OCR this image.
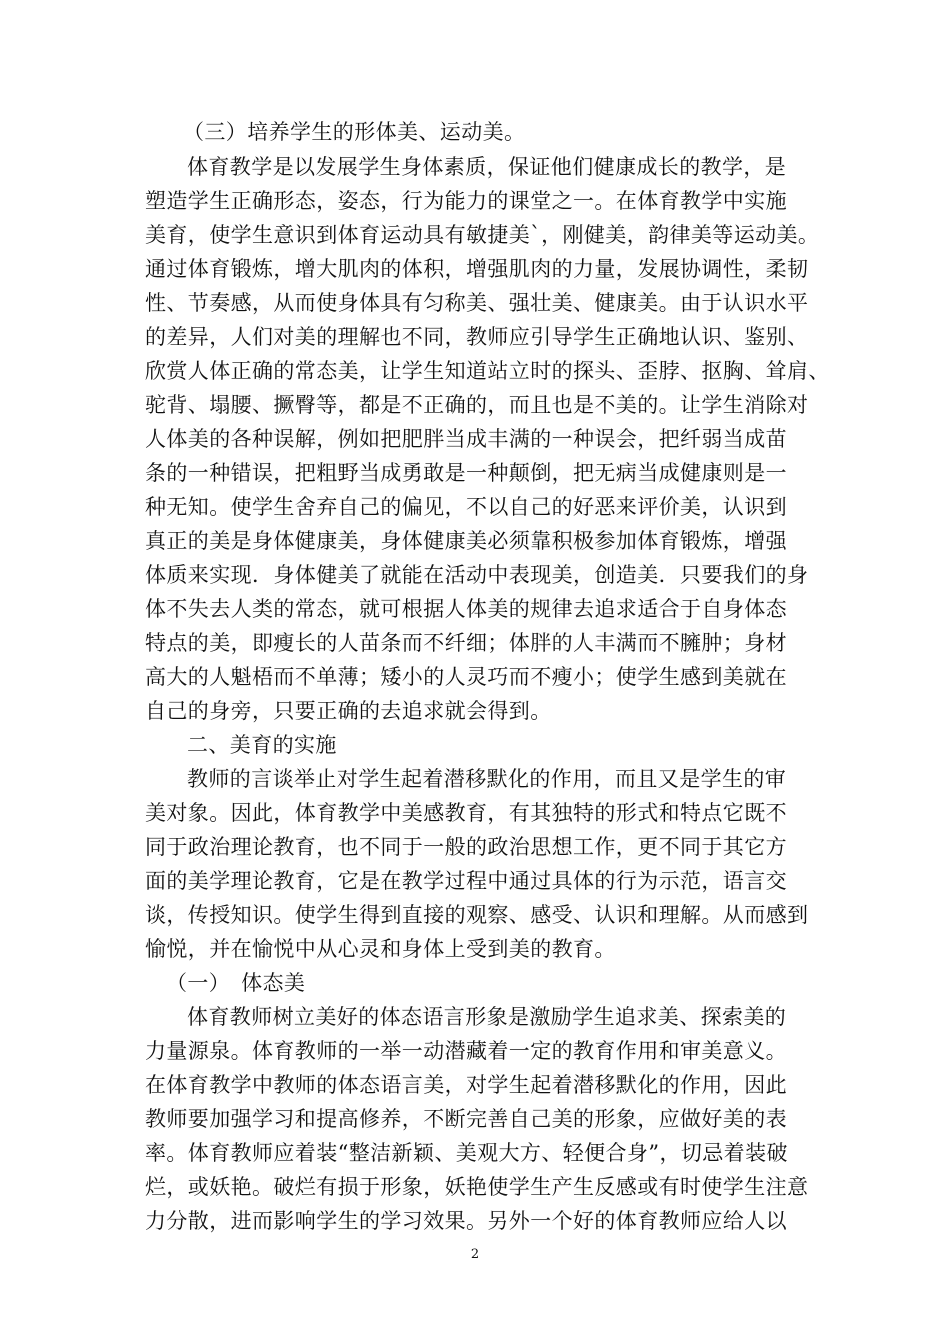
（三）培养学生的形体美、运动美。
体育教学是以发展学生身体素质，保证他们健康成长的教学，是
塑造学生正确形态，姿态，行为能力的课堂之一。在体育教学中实施
美育，使学生意识到体育运动具有敏捷美`，刚健美，韵律美等运动美。
通过体育锻炼，增大肌肉的体积，增强肌肉的力量，发展协调性，柔韧
性、节奏感，从而使身体具有匀称美、强壮美、健康美。由于认识水平
的差异，人们对美的理解也不同，教师应引导学生正确地认识、鉴别、
欣赏人体正确的常态美，让学生知道站立时的探头、歪脖、抠胸、耸肩、
驼背、塌腰、撅臀等，都是不正确的，而且也是不美的。让学生消除对
人体美的各种误解，例如把肥胖当成丰满的一种误会，把纤弱当成苗
条的一种错误，把粗野当成勇敢是一种颠倒，把无病当成健康则是一
种无知。使学生舍弃自己的偏见，不以自己的好恶来评价美，认识到
真正的美是身体健康美，身体健康美必须靠积极参加体育锻炼，增强
体质来实现．身体健美了就能在活动中表现美，创造美．只要我们的身
体不失去人类的常态，就可根据人体美的规律去追求适合于自身体态
特点的美，即瘦长的人苗条而不纤细；体胖的人丰满而不臃肿；身材
高大的人魁梧而不单薄；矮小的人灵巧而不瘦小；使学生感到美就在
自己的身旁，只要正确的去追求就会得到。
二、美育的实施
教师的言谈举止对学生起着潜移默化的作用，而且又是学生的审
美对象。因此，体育教学中美感教育，有其独特的形式和特点它既不
同于政治理论教育，也不同于一般的政治思想工作，更不同于其它方
面的美学理论教育，它是在教学过程中通过具体的行为示范，语言交
谈，传授知识。使学生得到直接的观察、感受、认识和理解。从而感到
愉悦，并在愉悦中从心灵和身体上受到美的教育。
（一）　体态美
体育教师树立美好的体态语言形象是激励学生追求美、探索美的
力量源泉。体育教师的一举一动潜藏着一定的教育作用和审美意义。
在体育教学中教师的体态语言美，对学生起着潜移默化的作用，因此
教师要加强学习和提高修养，不断完善自己美的形象，应做好美的表
率。体育教师应着装“整洁新颖、美观大方、轻便合身”，切忌着装破
烂，或妖艳。破烂有损于形象，妖艳使学生产生反感或有时使学生注意
力分散，进而影响学生的学习效果。另外一个好的体育教师应给人以
2
